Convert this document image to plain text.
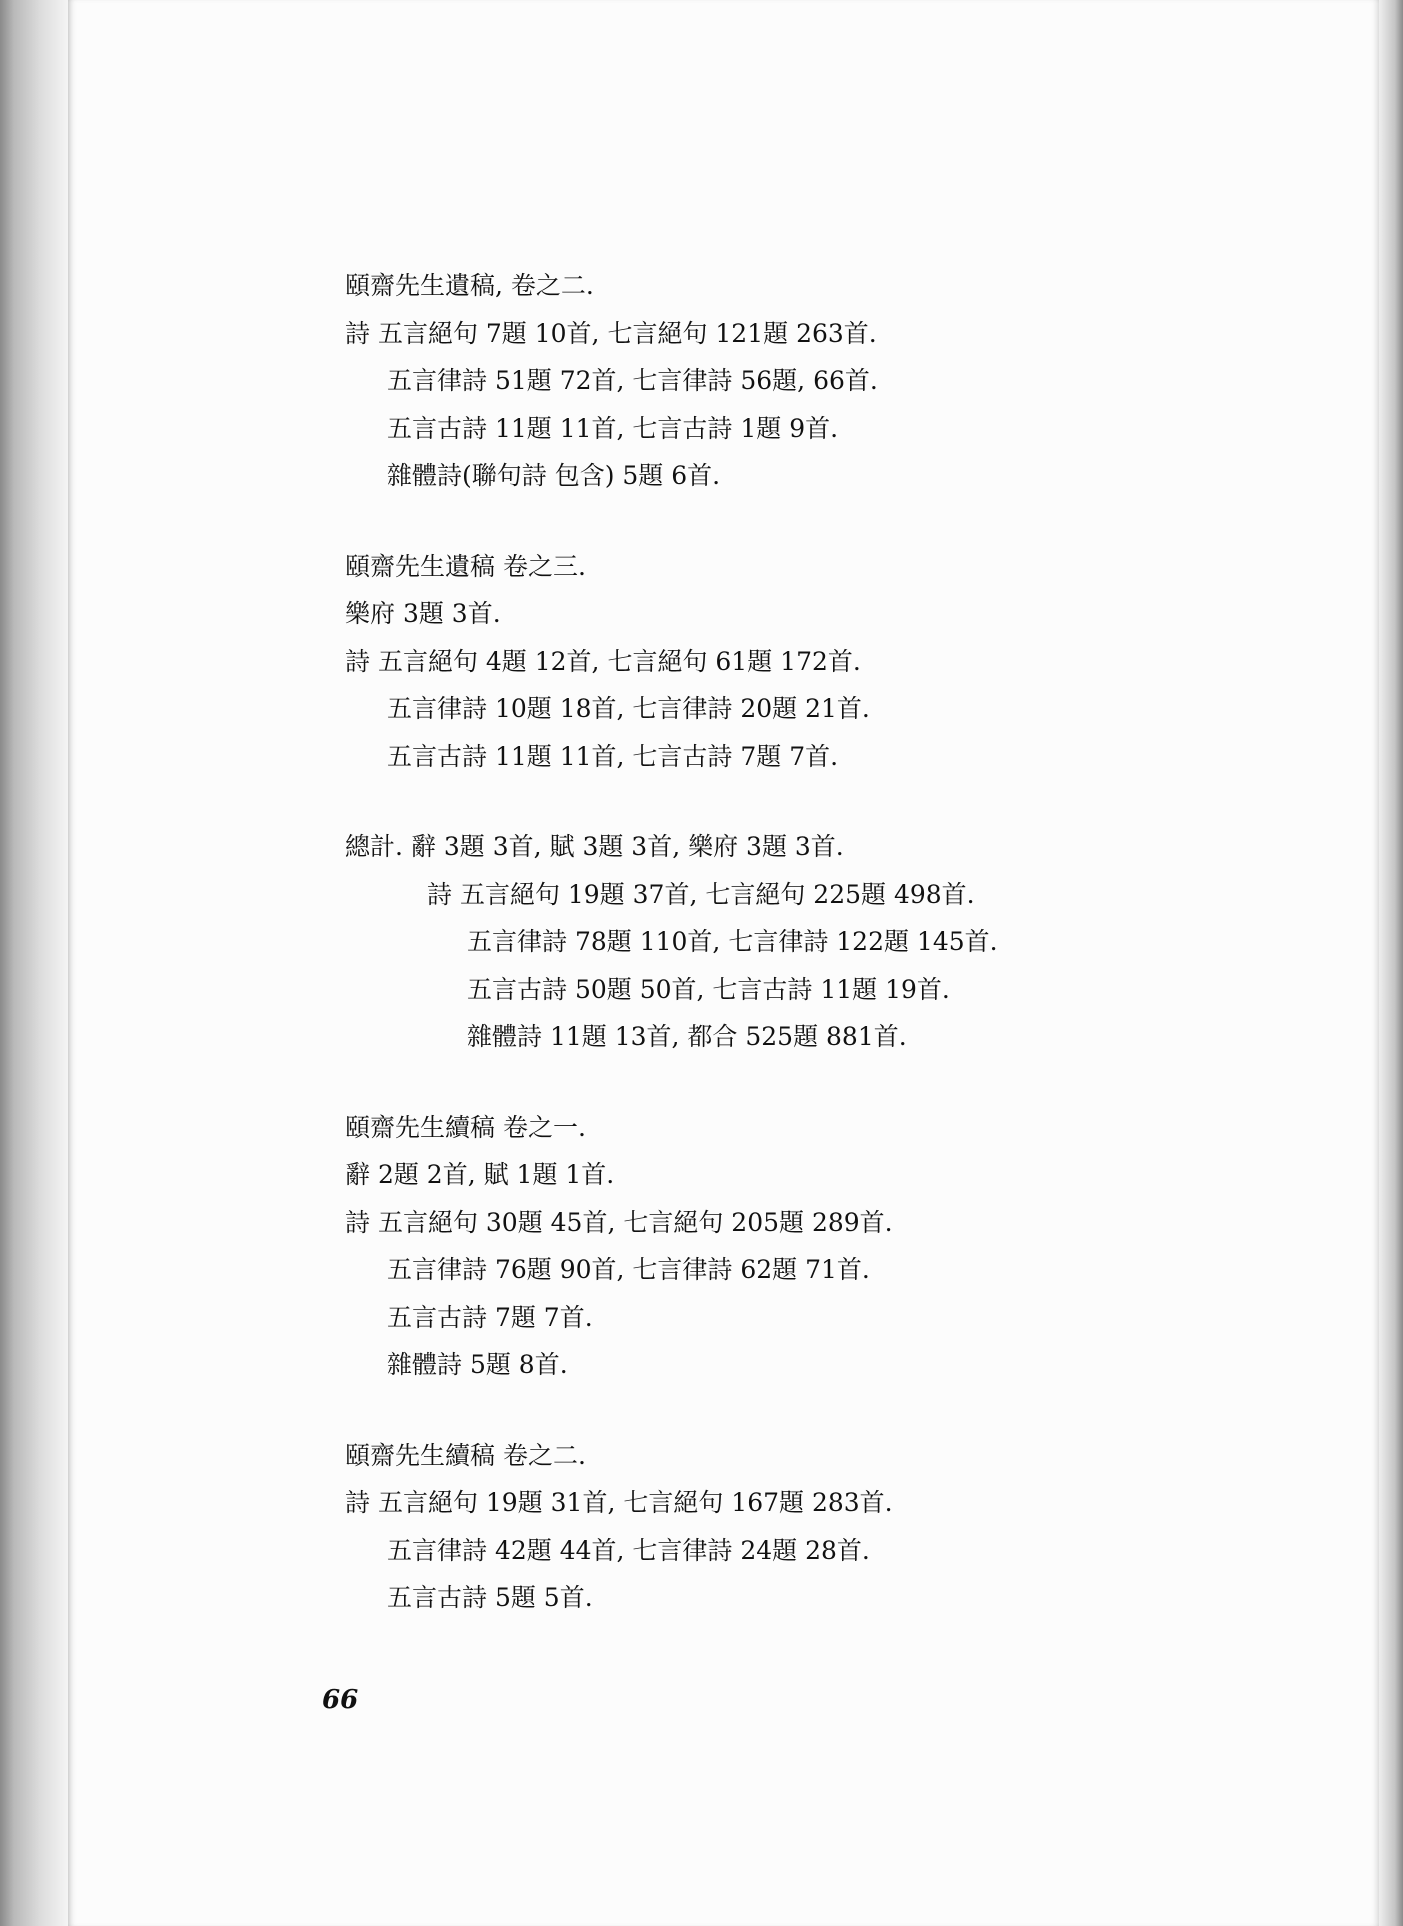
頤齋先生遺稿, 卷之二.
詩 五言絕句 7題 10首, 七言絕句 121題 263首.
五言律詩 51題 72首, 七言律詩 56題, 66首.
五言古詩 11題 11首, 七言古詩 1題 9首.
雜體詩(聯句詩 包含) 5題 6首.
頤齋先生遺稿 卷之三.
樂府 3題 3首.
詩 五言絕句 4題 12首, 七言絕句 61題 172首.
五言律詩 10題 18首, 七言律詩 20題 21首.
五言古詩 11題 11首, 七言古詩 7題 7首.
總計. 辭 3題 3首, 賦 3題 3首, 樂府 3題 3首.
詩 五言絕句 19題 37首, 七言絕句 225題 498首.
五言律詩 78題 110首, 七言律詩 122題 145首.
五言古詩 50題 50首, 七言古詩 11題 19首.
雜體詩 11題 13首, 都合 525題 881首.
頤齋先生續稿 卷之一.
辭 2題 2首, 賦 1題 1首.
詩 五言絕句 30題 45首, 七言絕句 205題 289首.
五言律詩 76題 90首, 七言律詩 62題 71首.
五言古詩 7題 7首.
雜體詩 5題 8首.
頤齋先生續稿 卷之二.
詩 五言絕句 19題 31首, 七言絕句 167題 283首.
五言律詩 42題 44首, 七言律詩 24題 28首.
五言古詩 5題 5首.
66
